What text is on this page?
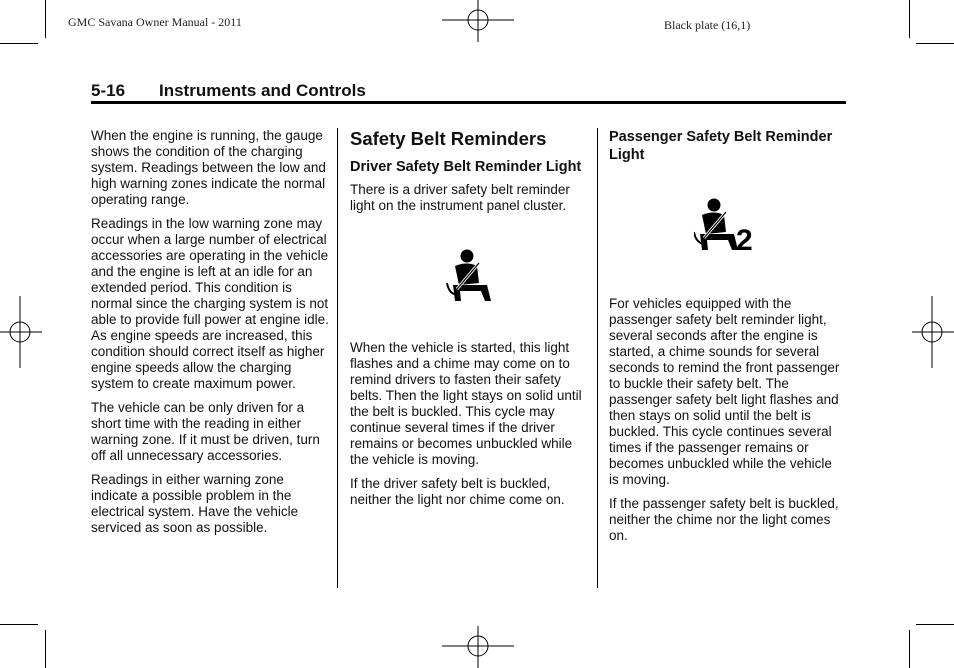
GMC Savana Owner Manual - 2011	Black plate (16,1)
5-16 Instruments and Controls

When the engine is running, the gauge shows the condition of the charging system. Readings between the low and high warning zones indicate the normal operating range.

Readings in the low warning zone may occur when a large number of electrical accessories are operating in the vehicle and the engine is left at an idle for an extended period. This condition is normal since the charging system is not able to provide full power at engine idle. As engine speeds are increased, this condition should correct itself as higher engine speeds allow the charging system to create maximum power.

The vehicle can be only driven for a short time with the reading in either warning zone. If it must be driven, turn off all unnecessary accessories.

Readings in either warning zone indicate a possible problem in the electrical system. Have the vehicle serviced as soon as possible.

Safety Belt Reminders
Driver Safety Belt Reminder Light

There is a driver safety belt reminder light on the instrument panel cluster.

When the vehicle is started, this light flashes and a chime may come on to remind drivers to fasten their safety belts. Then the light stays on solid until the belt is buckled. This cycle may continue several times if the driver remains or becomes unbuckled while the vehicle is moving.

If the driver safety belt is buckled, neither the light nor chime come on.

Passenger Safety Belt Reminder Light
2

For vehicles equipped with the passenger safety belt reminder light, several seconds after the engine is started, a chime sounds for several seconds to remind the front passenger to buckle their safety belt. The passenger safety belt light flashes and then stays on solid until the belt is buckled. This cycle continues several times if the passenger remains or becomes unbuckled while the vehicle is moving.

If the passenger safety belt is buckled, neither the chime nor the light comes on.
